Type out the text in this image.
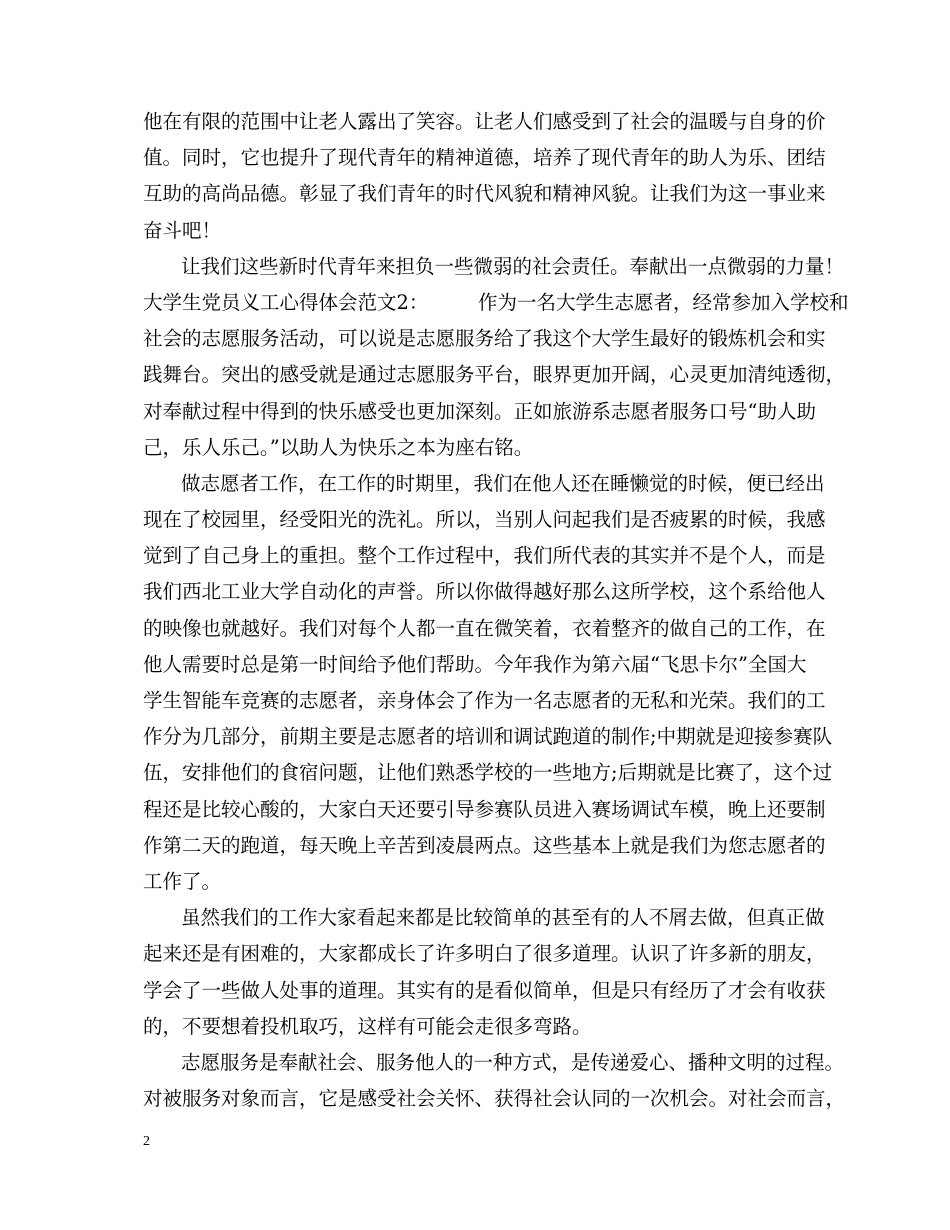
他在有限的范围中让老人露出了笑容。让老人们感受到了社会的温暖与自身的价
值。同时，它也提升了现代青年的精神道德，培养了现代青年的助人为乐、团结
互助的高尚品德。彰显了我们青年的时代风貌和精神风貌。让我们为这一事业来
奋斗吧！
让我们这些新时代青年来担负一些微弱的社会责任。奉献出一点微弱的力量！
大学生党员义工心得体会范文2：        作为一名大学生志愿者，经常参加入学校和
社会的志愿服务活动，可以说是志愿服务给了我这个大学生最好的锻炼机会和实
践舞台。突出的感受就是通过志愿服务平台，眼界更加开阔，心灵更加清纯透彻，
对奉献过程中得到的快乐感受也更加深刻。正如旅游系志愿者服务口号“助人助
己，乐人乐己。”以助人为快乐之本为座右铭。
做志愿者工作，在工作的时期里，我们在他人还在睡懒觉的时候，便已经出
现在了校园里，经受阳光的洗礼。所以，当别人问起我们是否疲累的时候，我感
觉到了自己身上的重担。整个工作过程中，我们所代表的其实并不是个人，而是
我们西北工业大学自动化的声誉。所以你做得越好那么这所学校，这个系给他人
的映像也就越好。我们对每个人都一直在微笑着，衣着整齐的做自己的工作，在
他人需要时总是第一时间给予他们帮助。今年我作为第六届“飞思卡尔”全国大
学生智能车竞赛的志愿者，亲身体会了作为一名志愿者的无私和光荣。我们的工
作分为几部分，前期主要是志愿者的培训和调试跑道的制作;中期就是迎接参赛队
伍，安排他们的食宿问题，让他们熟悉学校的一些地方;后期就是比赛了，这个过
程还是比较心酸的，大家白天还要引导参赛队员进入赛场调试车模，晚上还要制
作第二天的跑道，每天晚上辛苦到凌晨两点。这些基本上就是我们为您志愿者的
工作了。
虽然我们的工作大家看起来都是比较简单的甚至有的人不屑去做，但真正做
起来还是有困难的，大家都成长了许多明白了很多道理。认识了许多新的朋友，
学会了一些做人处事的道理。其实有的是看似简单，但是只有经历了才会有收获
的，不要想着投机取巧，这样有可能会走很多弯路。
志愿服务是奉献社会、服务他人的一种方式，是传递爱心、播种文明的过程。
对被服务对象而言，它是感受社会关怀、获得社会认同的一次机会。对社会而言，
2
